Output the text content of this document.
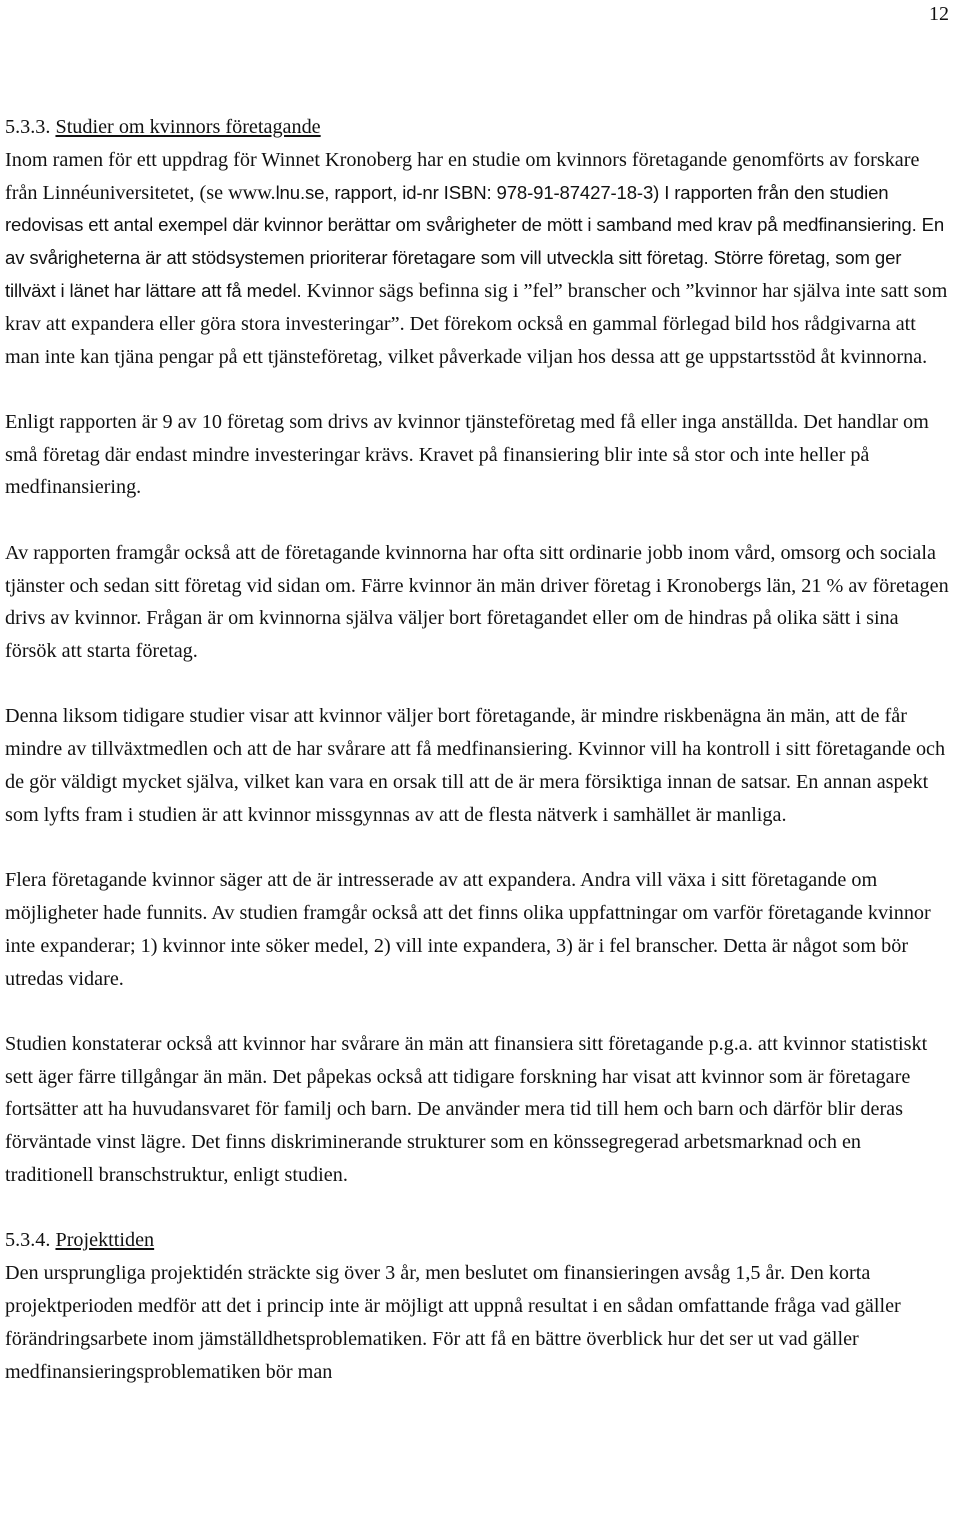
12
5.3.3. Studier om kvinnors företagande

Inom ramen för ett uppdrag för Winnet Kronoberg har en studie om kvinnors företagande genomförts av forskare från Linnéuniversitetet, (se www.lnu.se, rapport, id-nr ISBN: 978-91-87427-18-3) I rapporten från den studien redovisas ett antal exempel där kvinnor berättar om svårigheter de mött i samband med krav på medfinansiering. En av svårigheterna är att stödsystemen prioriterar företagare som vill utveckla sitt företag. Större företag, som ger tillväxt i länet har lättare att få medel. Kvinnor sägs befinna sig i ”fel” branscher och ”kvinnor har själva inte satt som krav att expandera eller göra stora investeringar”. Det förekom också en gammal förlegad bild hos rådgivarna att man inte kan tjäna pengar på ett tjänsteföretag, vilket påverkade viljan hos dessa att ge uppstartsstöd åt kvinnorna.

Enligt rapporten är 9 av 10 företag som drivs av kvinnor tjänsteföretag med få eller inga anställda. Det handlar om små företag där endast mindre investeringar krävs. Kravet på finansiering blir inte så stor och inte heller på medfinansiering.

Av rapporten framgår också att de företagande kvinnorna har ofta sitt ordinarie jobb inom vård, omsorg och sociala tjänster och sedan sitt företag vid sidan om. Färre kvinnor än män driver företag i Kronobergs län, 21 % av företagen drivs av kvinnor. Frågan är om kvinnorna själva väljer bort företagandet eller om de hindras på olika sätt i sina försök att starta företag.

Denna liksom tidigare studier visar att kvinnor väljer bort företagande, är mindre riskbenägna än män, att de får mindre av tillväxtmedlen och att de har svårare att få medfinansiering. Kvinnor vill ha kontroll i sitt företagande och de gör väldigt mycket själva, vilket kan vara en orsak till att de är mera försiktiga innan de satsar. En annan aspekt som lyfts fram i studien är att kvinnor missgynnas av att de flesta nätverk i samhället är manliga.

Flera företagande kvinnor säger att de är intresserade av att expandera. Andra vill växa i sitt företagande om möjligheter hade funnits. Av studien framgår också att det finns olika uppfattningar om varför företagande kvinnor inte expanderar; 1) kvinnor inte söker medel, 2) vill inte expandera, 3) är i fel branscher. Detta är något som bör utredas vidare.

Studien konstaterar också att kvinnor har svårare än män att finansiera sitt företagande p.g.a. att kvinnor statistiskt sett äger färre tillgångar än män. Det påpekas också att tidigare forskning har visat att kvinnor som är företagare fortsätter att ha huvudansvaret för familj och barn. De använder mera tid till hem och barn och därför blir deras förväntade vinst lägre. Det finns diskriminerande strukturer som en könssegregerad arbetsmarknad och en traditionell branschstruktur, enligt studien.

5.3.4. Projekttiden

Den ursprungliga projektidén sträckte sig över 3 år, men beslutet om finansieringen avsåg 1,5 år. Den korta projektperioden medför att det i princip inte är möjligt att uppnå resultat i en sådan omfattande fråga vad gäller förändringsarbete inom jämställdhetsproblematiken. För att få en bättre överblick hur det ser ut vad gäller medfinansieringsproblematiken bör man
